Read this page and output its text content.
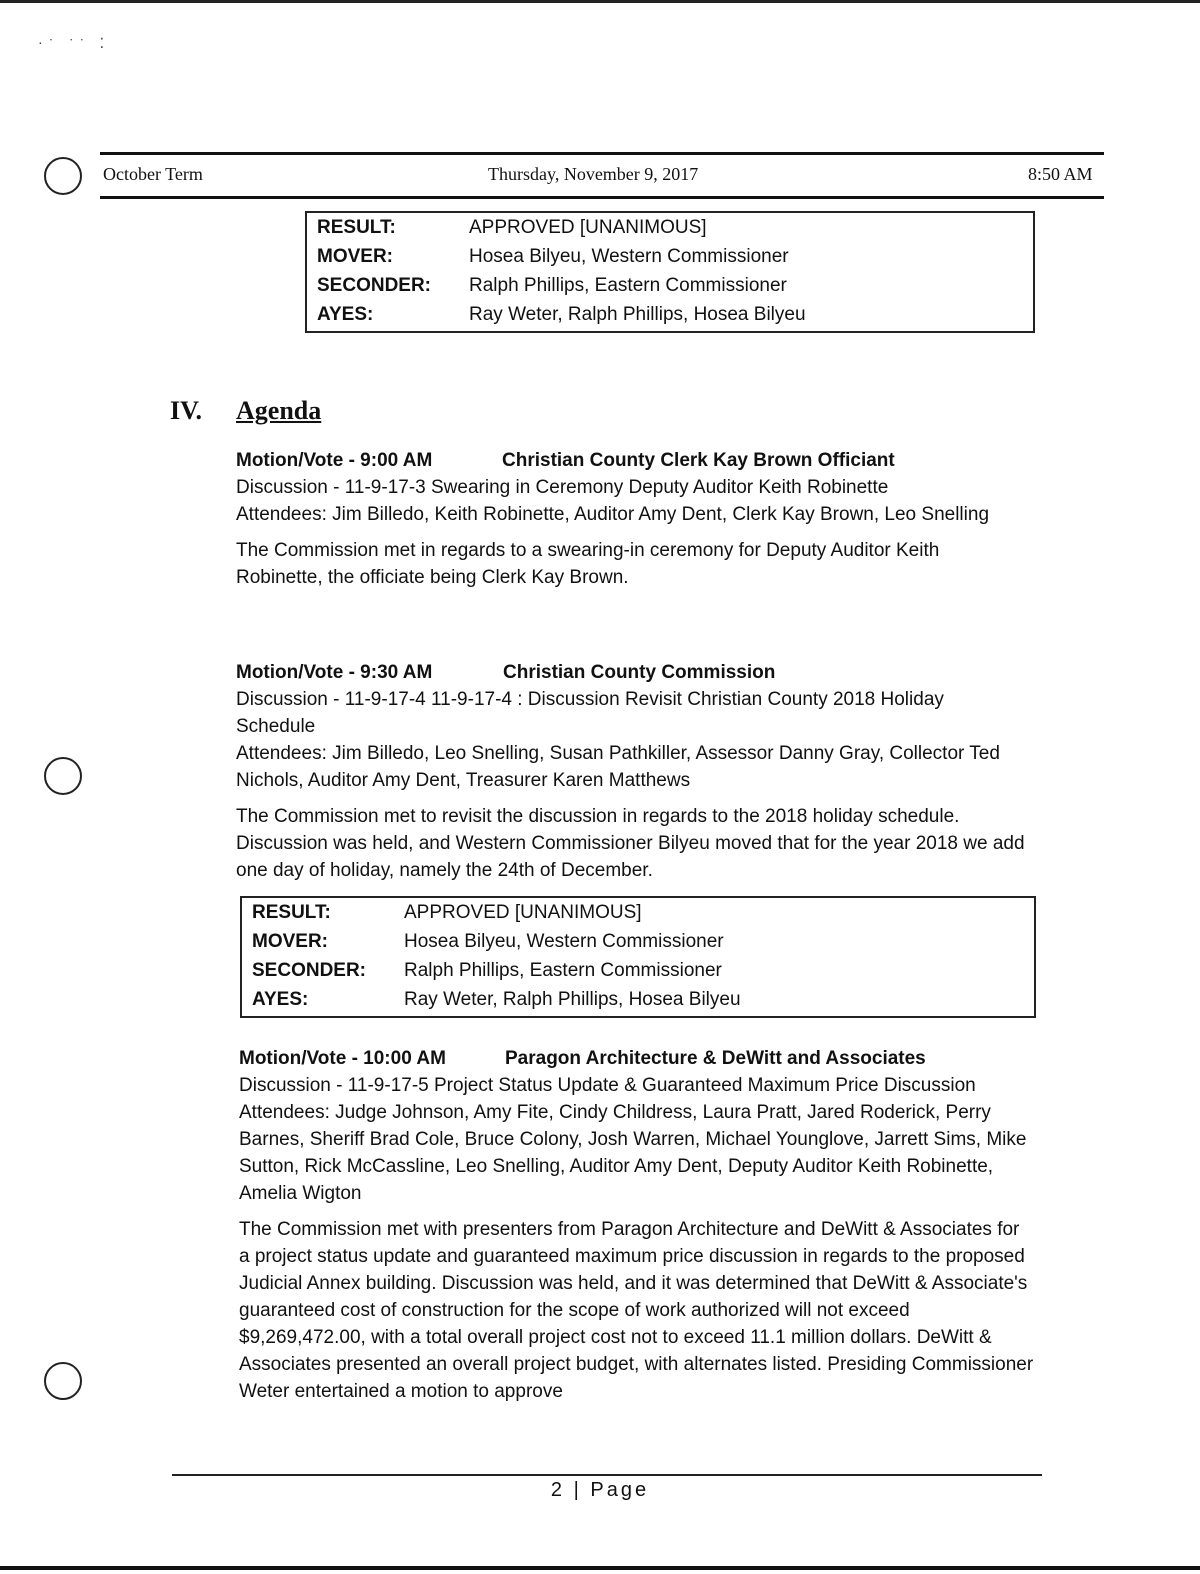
·˙ ˙˙ ⁚
October Term	Thursday, November 9, 2017	8:50 AM
RESULT:	APPROVED [UNANIMOUS]
MOVER:	Hosea Bilyeu, Western Commissioner
SECONDER:	Ralph Phillips, Eastern Commissioner
AYES:	Ray Weter, Ralph Phillips, Hosea Bilyeu
IV. Agenda
Motion/Vote - 9:00 AM	Christian County Clerk Kay Brown Officiant
Discussion - 11-9-17-3 Swearing in Ceremony Deputy Auditor Keith Robinette
Attendees: Jim Billedo, Keith Robinette, Auditor Amy Dent, Clerk Kay Brown, Leo Snelling
The Commission met in regards to a swearing-in ceremony for Deputy Auditor Keith Robinette, the officiate being Clerk Kay Brown.
Motion/Vote - 9:30 AM	Christian County Commission
Discussion - 11-9-17-4 11-9-17-4 : Discussion Revisit Christian County 2018 Holiday Schedule
Attendees: Jim Billedo, Leo Snelling, Susan Pathkiller, Assessor Danny Gray, Collector Ted Nichols, Auditor Amy Dent, Treasurer Karen Matthews
The Commission met to revisit the discussion in regards to the 2018 holiday schedule. Discussion was held, and Western Commissioner Bilyeu moved that for the year 2018 we add one day of holiday, namely the 24th of December.
RESULT:	APPROVED [UNANIMOUS]
MOVER:	Hosea Bilyeu, Western Commissioner
SECONDER:	Ralph Phillips, Eastern Commissioner
AYES:	Ray Weter, Ralph Phillips, Hosea Bilyeu
Motion/Vote - 10:00 AM	Paragon Architecture & DeWitt and Associates
Discussion - 11-9-17-5 Project Status Update & Guaranteed Maximum Price Discussion
Attendees: Judge Johnson, Amy Fite, Cindy Childress, Laura Pratt, Jared Roderick, Perry Barnes, Sheriff Brad Cole, Bruce Colony, Josh Warren, Michael Younglove, Jarrett Sims, Mike Sutton, Rick McCassline, Leo Snelling, Auditor Amy Dent, Deputy Auditor Keith Robinette, Amelia Wigton
The Commission met with presenters from Paragon Architecture and DeWitt & Associates for a project status update and guaranteed maximum price discussion in regards to the proposed Judicial Annex building. Discussion was held, and it was determined that DeWitt & Associate's guaranteed cost of construction for the scope of work authorized will not exceed $9,269,472.00, with a total overall project cost not to exceed 11.1 million dollars. DeWitt & Associates presented an overall project budget, with alternates listed. Presiding Commissioner Weter entertained a motion to approve
2 | Page
